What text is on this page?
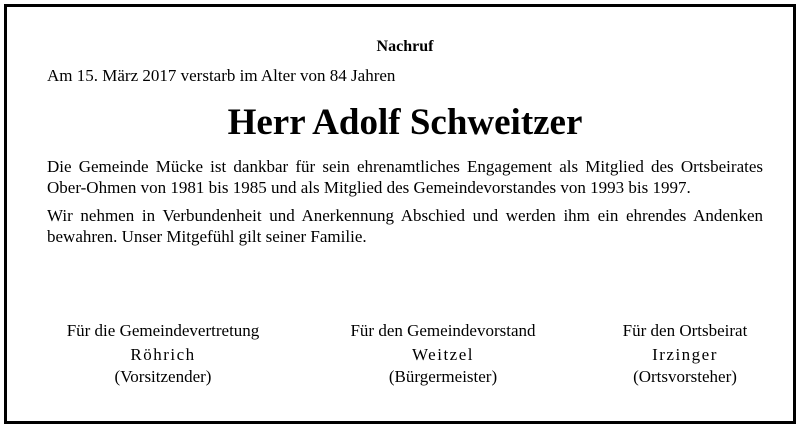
Nachruf

Am 15. März 2017 verstarb im Alter von 84 Jahren

Herr Adolf Schweitzer

Die Gemeinde Mücke ist dankbar für sein ehrenamtliches Engagement als Mitglied des Ortsbeirates Ober-Ohmen von 1981 bis 1985 und als Mitglied des Gemeindevorstandes von 1993 bis 1997.

Wir nehmen in Verbundenheit und Anerkennung Abschied und werden ihm ein ehrendes Andenken bewahren. Unser Mitgefühl gilt seiner Familie.

Für die Gemeindevertretung
Röhrich
(Vorsitzender)
Für den Gemeindevorstand
Weitzel
(Bürgermeister)
Für den Ortsbeirat
Irzinger
(Ortsvorsteher)
